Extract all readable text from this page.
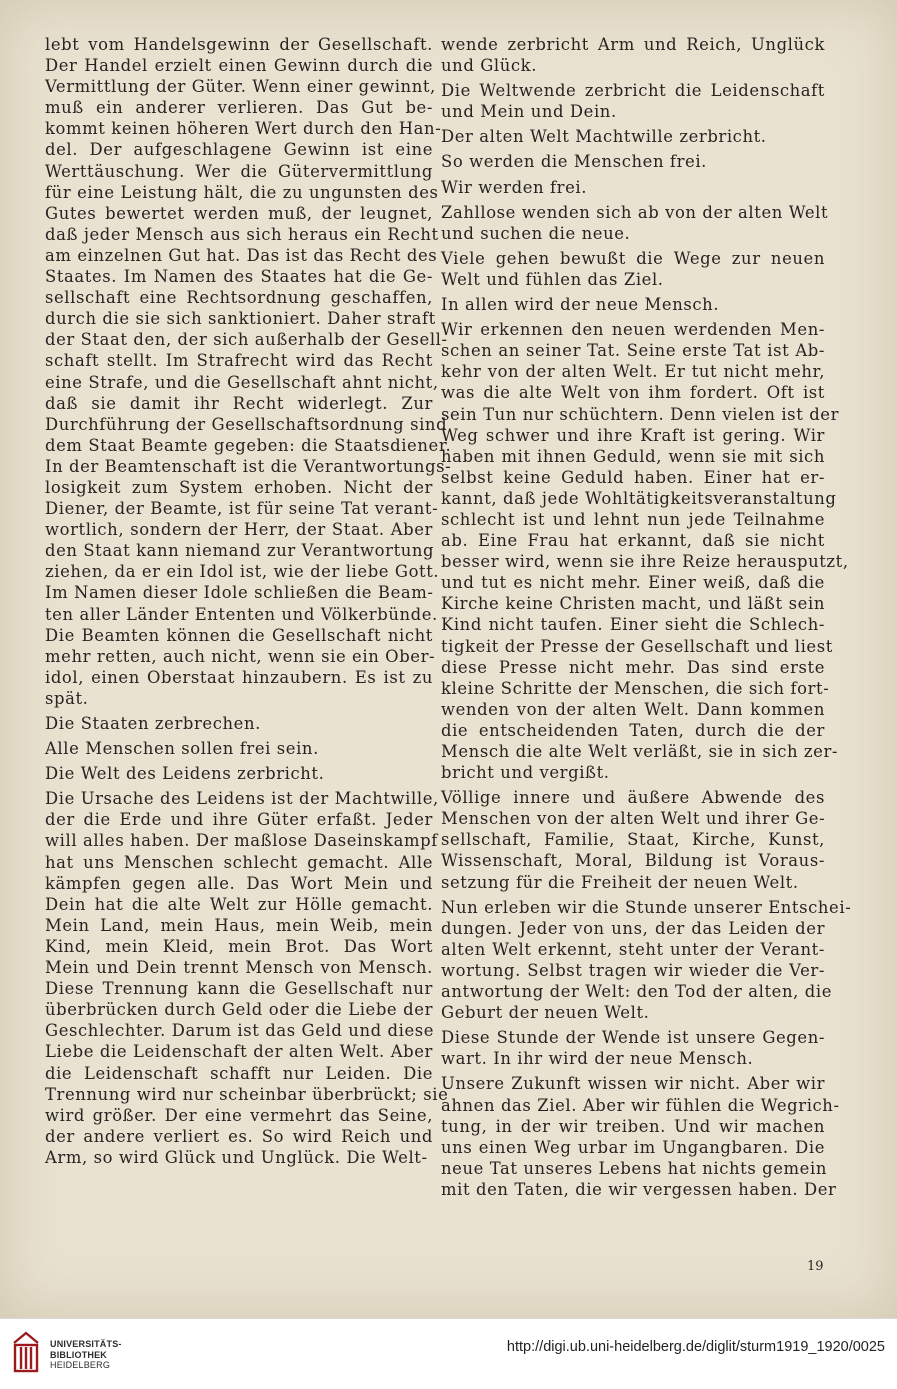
lebt vom Handelsgewinn der Gesellschaft.
Der Handel erzielt einen Gewinn durch die
Vermittlung der Güter. Wenn einer gewinnt,
muß ein anderer verlieren. Das Gut be-
kommt keinen höheren Wert durch den Han-
del. Der aufgeschlagene Gewinn ist eine
Werttäuschung. Wer die Gütervermittlung
für eine Leistung hält, die zu ungunsten des
Gutes bewertet werden muß, der leugnet,
daß jeder Mensch aus sich heraus ein Recht
am einzelnen Gut hat. Das ist das Recht des
Staates. Im Namen des Staates hat die Ge-
sellschaft eine Rechtsordnung geschaffen,
durch die sie sich sanktioniert. Daher straft
der Staat den, der sich außerhalb der Gesell-
schaft stellt. Im Strafrecht wird das Recht
eine Strafe, und die Gesellschaft ahnt nicht,
daß sie damit ihr Recht widerlegt. Zur
Durchführung der Gesellschaftsordnung sind
dem Staat Beamte gegeben: die Staatsdiener.
In der Beamtenschaft ist die Verantwortungs-
losigkeit zum System erhoben. Nicht der
Diener, der Beamte, ist für seine Tat verant-
wortlich, sondern der Herr, der Staat. Aber
den Staat kann niemand zur Verantwortung
ziehen, da er ein Idol ist, wie der liebe Gott.
Im Namen dieser Idole schließen die Beam-
ten aller Länder Ententen und Völkerbünde.
Die Beamten können die Gesellschaft nicht
mehr retten, auch nicht, wenn sie ein Ober-
idol, einen Oberstaat hinzaubern. Es ist zu
spät.
Die Staaten zerbrechen.
Alle Menschen sollen frei sein.
Die Welt des Leidens zerbricht.
Die Ursache des Leidens ist der Machtwille,
der die Erde und ihre Güter erfaßt. Jeder
will alles haben. Der maßlose Daseinskampf
hat uns Menschen schlecht gemacht. Alle
kämpfen gegen alle. Das Wort Mein und
Dein hat die alte Welt zur Hölle gemacht.
Mein Land, mein Haus, mein Weib, mein
Kind, mein Kleid, mein Brot. Das Wort
Mein und Dein trennt Mensch von Mensch.
Diese Trennung kann die Gesellschaft nur
überbrücken durch Geld oder die Liebe der
Geschlechter. Darum ist das Geld und diese
Liebe die Leidenschaft der alten Welt. Aber
die Leidenschaft schafft nur Leiden. Die
Trennung wird nur scheinbar überbrückt; sie
wird größer. Der eine vermehrt das Seine,
der andere verliert es. So wird Reich und
Arm, so wird Glück und Unglück. Die Welt-
wende zerbricht Arm und Reich, Unglück
und Glück.
Die Weltwende zerbricht die Leidenschaft
und Mein und Dein.
Der alten Welt Machtwille zerbricht.
So werden die Menschen frei.
Wir werden frei.
Zahllose wenden sich ab von der alten Welt
und suchen die neue.
Viele gehen bewußt die Wege zur neuen
Welt und fühlen das Ziel.
In allen wird der neue Mensch.
Wir erkennen den neuen werdenden Men-
schen an seiner Tat. Seine erste Tat ist Ab-
kehr von der alten Welt. Er tut nicht mehr,
was die alte Welt von ihm fordert. Oft ist
sein Tun nur schüchtern. Denn vielen ist der
Weg schwer und ihre Kraft ist gering. Wir
haben mit ihnen Geduld, wenn sie mit sich
selbst keine Geduld haben. Einer hat er-
kannt, daß jede Wohltätigkeitsveranstaltung
schlecht ist und lehnt nun jede Teilnahme
ab. Eine Frau hat erkannt, daß sie nicht
besser wird, wenn sie ihre Reize herausputzt,
und tut es nicht mehr. Einer weiß, daß die
Kirche keine Christen macht, und läßt sein
Kind nicht taufen. Einer sieht die Schlech-
tigkeit der Presse der Gesellschaft und liest
diese Presse nicht mehr. Das sind erste
kleine Schritte der Menschen, die sich fort-
wenden von der alten Welt. Dann kommen
die entscheidenden Taten, durch die der
Mensch die alte Welt verläßt, sie in sich zer-
bricht und vergißt.
Völlige innere und äußere Abwende des
Menschen von der alten Welt und ihrer Ge-
sellschaft, Familie, Staat, Kirche, Kunst,
Wissenschaft, Moral, Bildung ist Voraus-
setzung für die Freiheit der neuen Welt.
Nun erleben wir die Stunde unserer Entschei-
dungen. Jeder von uns, der das Leiden der
alten Welt erkennt, steht unter der Verant-
wortung. Selbst tragen wir wieder die Ver-
antwortung der Welt: den Tod der alten, die
Geburt der neuen Welt.
Diese Stunde der Wende ist unsere Gegen-
wart. In ihr wird der neue Mensch.
Unsere Zukunft wissen wir nicht. Aber wir
ahnen das Ziel. Aber wir fühlen die Wegrich-
tung, in der wir treiben. Und wir machen
uns einen Weg urbar im Ungangbaren. Die
neue Tat unseres Lebens hat nichts gemein
mit den Taten, die wir vergessen haben. Der
19
UNIVERSITÄTS-
BIBLIOTHEK
HEIDELBERG
http://digi.ub.uni-heidelberg.de/diglit/sturm1919_1920/0025
